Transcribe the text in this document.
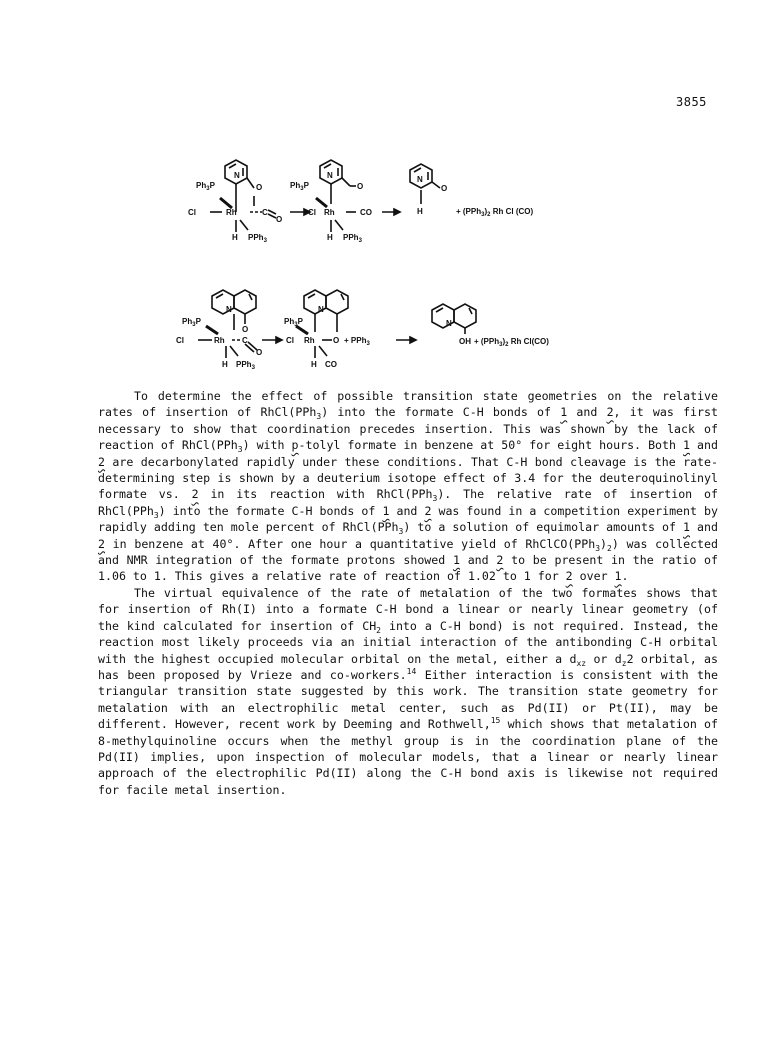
3855
$Ph_3P$
N
O
Cl	Rh	C
O
H PPh$_3$
$Ph_3P$
N
O
Cl Rh	CO
H PPh$_3$
N
O
H	+ $(PPh_3)_2$ Rh Cl (CO)
$Ph_3P$
N
O
Cl	Rh C
O
H PPh$_3$
$Ph_3P$
N
Cl Rh O + PPh$_3$
H CO
N
OH + $(PPh_3)_2$ Rh Cl(CO)

To determine the effect of possible transition state geometries on the relative rates of insertion of RhCl(PPh$_3$) into the formate C-H bonds of 1 and 2, it was first necessary to show that coordination precedes insertion. This was shown by the lack of reaction of RhCl(PPh$_3$) with p-tolyl formate in benzene at 50° for eight hours. Both 1 and 2 are decarbonylated rapidly under these conditions. That C-H bond cleavage is the rate-determining step is shown by a deuterium isotope effect of 3.4 for the deuteroquinolinyl formate vs. 2 in its reaction with RhCl(PPh$_3$). The relative rate of insertion of RhCl(PPh$_3$) into the formate C-H bonds of 1 and 2 was found in a competition experiment by rapidly adding ten mole percent of RhCl(PPh$_3$) to a solution of equimolar amounts of 1 and 2 in benzene at 40°. After one hour a quantitative yield of $RhClCO(PPh_3)_2$) was collected and NMR integration of the formate protons showed 1 and 2 to be present in the ratio of 1.06 to 1. This gives a relative rate of reaction of 1.02 to 1 for 2 over 1.

The virtual equivalence of the rate of metalation of the two formates shows that for insertion of Rh(I) into a formate C-H bond a linear or nearly linear geometry (of the kind calculated for insertion of $CH_2$ into a C-H bond) is not required. Instead, the reaction most likely proceeds via an initial interaction of the antibonding C-H orbital with the highest occupied molecular orbital on the metal, either a $d_{xz}$ or $d_z2$ orbital, as has been proposed by Vrieze and co-workers.$^{14}$ Either interaction is consistent with the triangular transition state suggested by this work. The transition state geometry for metalation with an electrophilic metal center, such as Pd(II) or Pt(II), may be different. However, recent work by Deeming and Rothwell,$^{15}$ which shows that metalation of 8-methylquinoline occurs when the methyl group is in the coordination plane of the Pd(II) implies, upon inspection of molecular models, that a linear or nearly linear approach of the electrophilic Pd(II) along the C-H bond axis is likewise not required for facile metal insertion.
